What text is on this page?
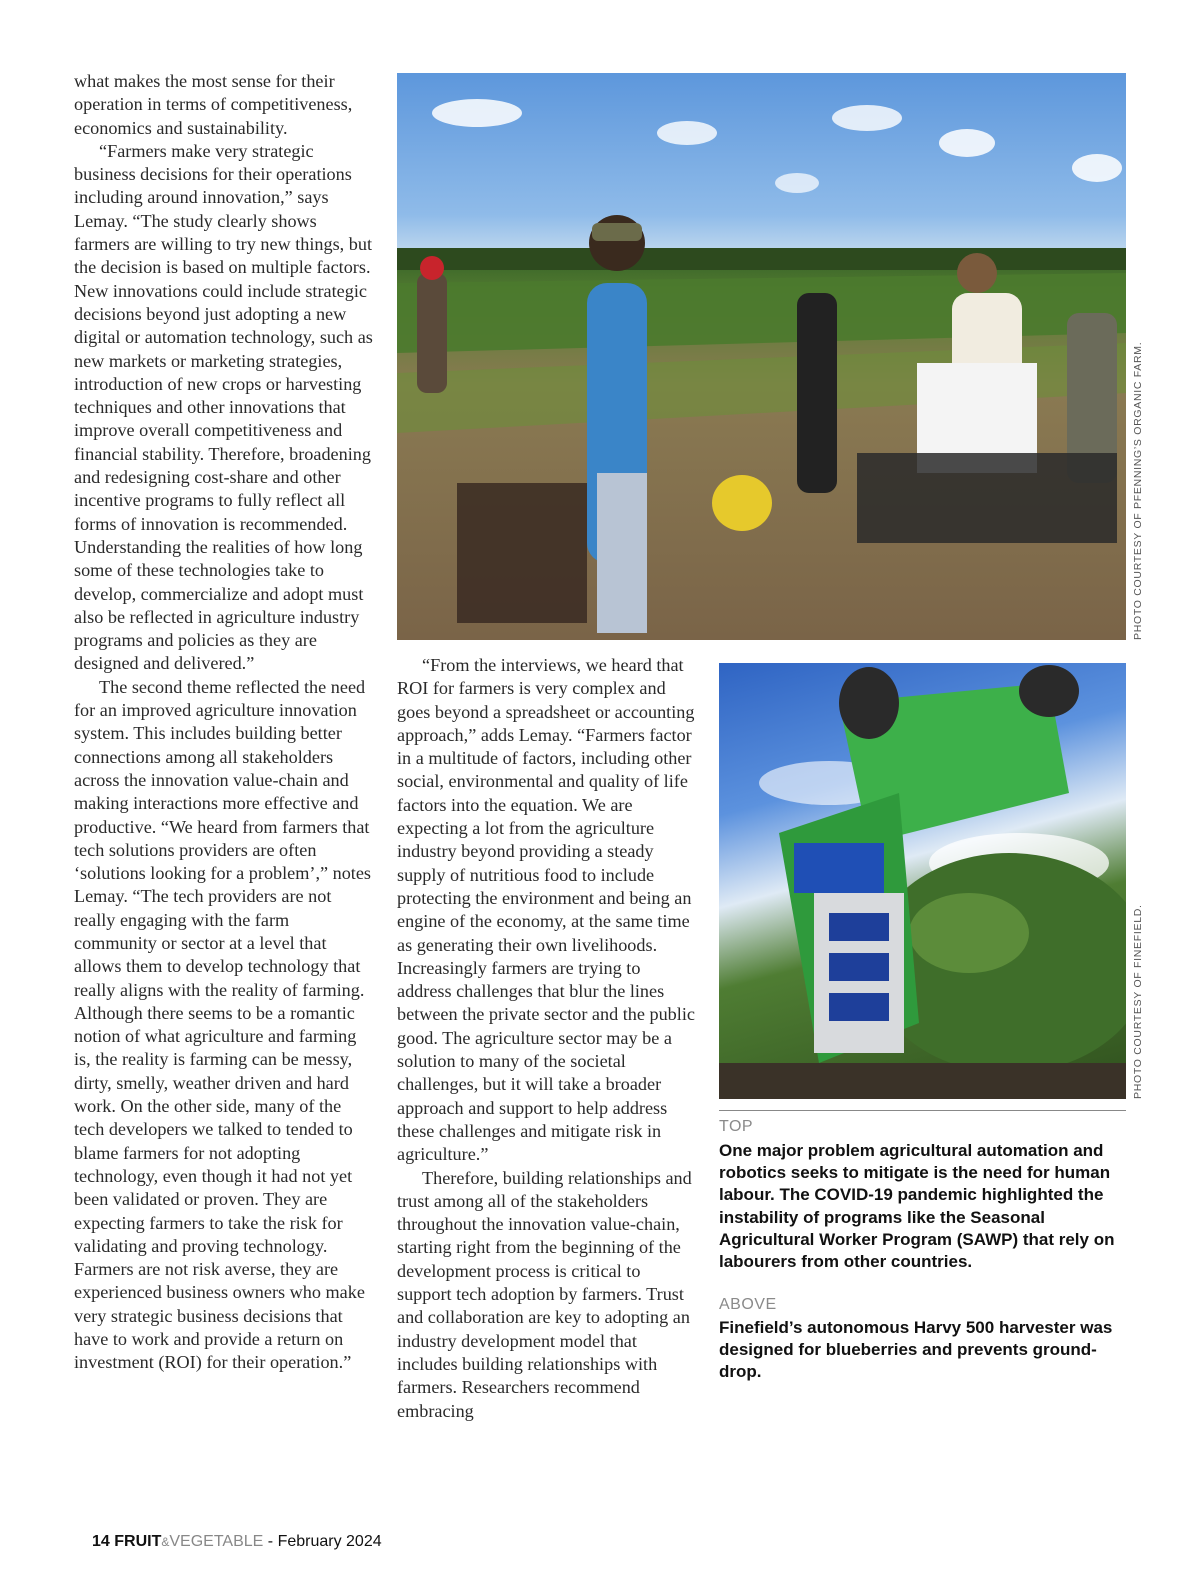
what makes the most sense for their operation in terms of competitiveness, economics and sustainability.

“Farmers make very strategic business decisions for their operations including around innovation,” says Lemay. “The study clearly shows farmers are willing to try new things, but the decision is based on multiple factors. New innovations could include strategic decisions beyond just adopting a new digital or automation technology, such as new markets or marketing strategies, introduction of new crops or harvesting techniques and other innovations that improve overall competitiveness and financial stability. Therefore, broadening and redesigning cost-share and other incentive programs to fully reflect all forms of innovation is recommended. Understanding the realities of how long some of these technologies take to develop, commercialize and adopt must also be reflected in agriculture industry programs and policies as they are designed and delivered.”

The second theme reflected the need for an improved agriculture innovation system. This includes building better connections among all stakeholders across the innovation value-chain and making interactions more effective and productive. “We heard from farmers that tech solutions providers are often ‘solutions looking for a problem’,” notes Lemay. “The tech providers are not really engaging with the farm community or sector at a level that allows them to develop technology that really aligns with the reality of farming. Although there seems to be a romantic notion of what agriculture and farming is, the reality is farming can be messy, dirty, smelly, weather driven and hard work. On the other side, many of the tech developers we talked to tended to blame farmers for not adopting technology, even though it had not yet been validated or proven. They are expecting farmers to take the risk for validating and proving technology. Farmers are not risk averse, they are experienced business owners who make very strategic business decisions that have to work and provide a return on investment (ROI) for their operation.”

PHOTO COURTESY OF PFENNING’S ORGANIC FARM.
PHOTO COURTESY OF FINEFIELD.

“From the interviews, we heard that ROI for farmers is very complex and goes beyond a spreadsheet or accounting approach,” adds Lemay. “Farmers factor in a multitude of factors, including other social, environmental and quality of life factors into the equation. We are expecting a lot from the agriculture industry beyond providing a steady supply of nutritious food to include protecting the environment and being an engine of the economy, at the same time as generating their own livelihoods. Increasingly farmers are trying to address challenges that blur the lines between the private sector and the public good. The agriculture sector may be a solution to many of the societal challenges, but it will take a broader approach and support to help address these challenges and mitigate risk in agriculture.”

Therefore, building relationships and trust among all of the stakeholders throughout the innovation value-chain, starting right from the beginning of the development process is critical to support tech adoption by farmers. Trust and collaboration are key to adopting an industry development model that includes building relationships with farmers. Researchers recommend embracing

TOP
One major problem agricultural automation and robotics seeks to mitigate is the need for human labour. The COVID-19 pandemic highlighted the instability of programs like the Seasonal Agricultural Worker Program (SAWP) that rely on labourers from other countries.
ABOVE
Finefield’s autonomous Harvy 500 harvester was designed for blueberries and prevents ground-drop.
14 FRUIT&VEGETABLE - February 2024
